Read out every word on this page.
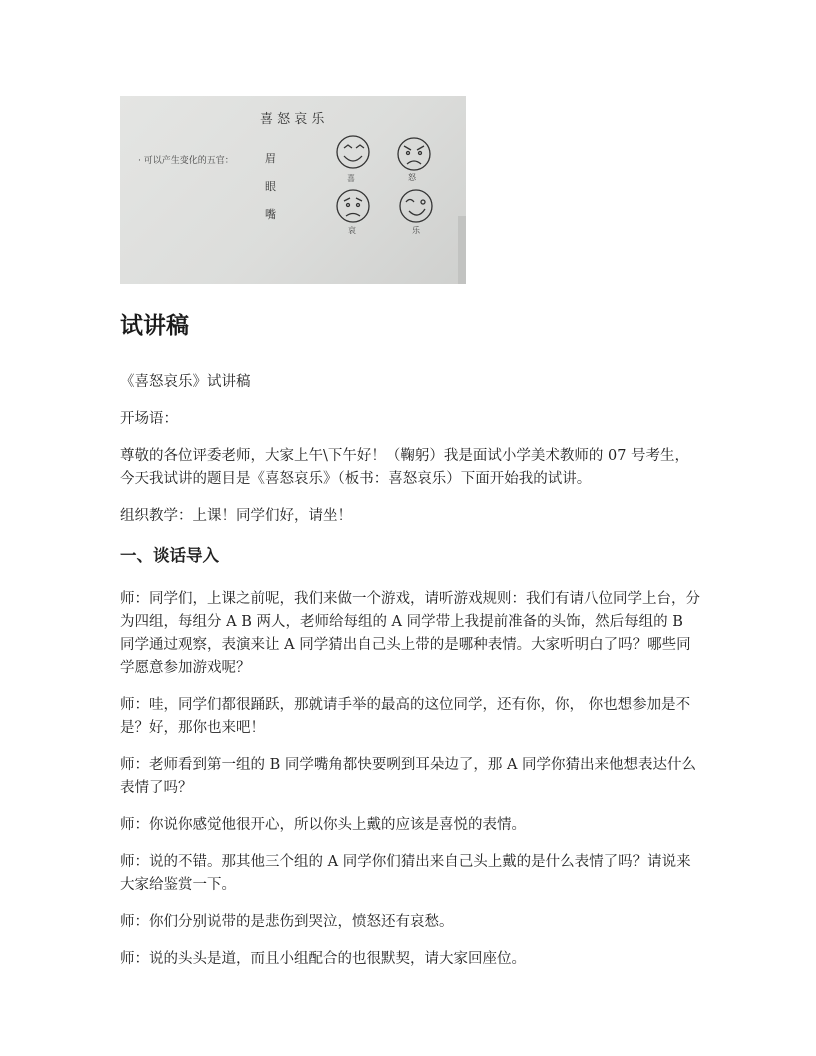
喜 怒 哀 乐
· 可以产生变化的五官：	眉
眼
嘴
喜	怒
哀	乐
试讲稿

《喜怒哀乐》试讲稿

开场语：

尊敬的各位评委老师，大家上午\下午好！（鞠躬）我是面试小学美术教师的 07 号考生，今天我试讲的题目是《喜怒哀乐》（板书：喜怒哀乐）下面开始我的试讲。

组织教学：上课！同学们好，请坐！

一、谈话导入

师：同学们，上课之前呢，我们来做一个游戏，请听游戏规则：我们有请八位同学上台，分为四组，每组分 A B 两人，老师给每组的 A 同学带上我提前准备的头饰，然后每组的 B 同学通过观察，表演来让 A 同学猜出自己头上带的是哪种表情。大家听明白了吗？哪些同学愿意参加游戏呢？

师：哇，同学们都很踊跃，那就请手举的最高的这位同学，还有你，你， 你也想参加是不是？好，那你也来吧！

师：老师看到第一组的 B 同学嘴角都快要咧到耳朵边了，那 A 同学你猜出来他想表达什么表情了吗？

师：你说你感觉他很开心，所以你头上戴的应该是喜悦的表情。

师：说的不错。那其他三个组的 A 同学你们猜出来自己头上戴的是什么表情了吗？请说来大家给鉴赏一下。

师：你们分别说带的是悲伤到哭泣，愤怒还有哀愁。

师：说的头头是道，而且小组配合的也很默契，请大家回座位。
